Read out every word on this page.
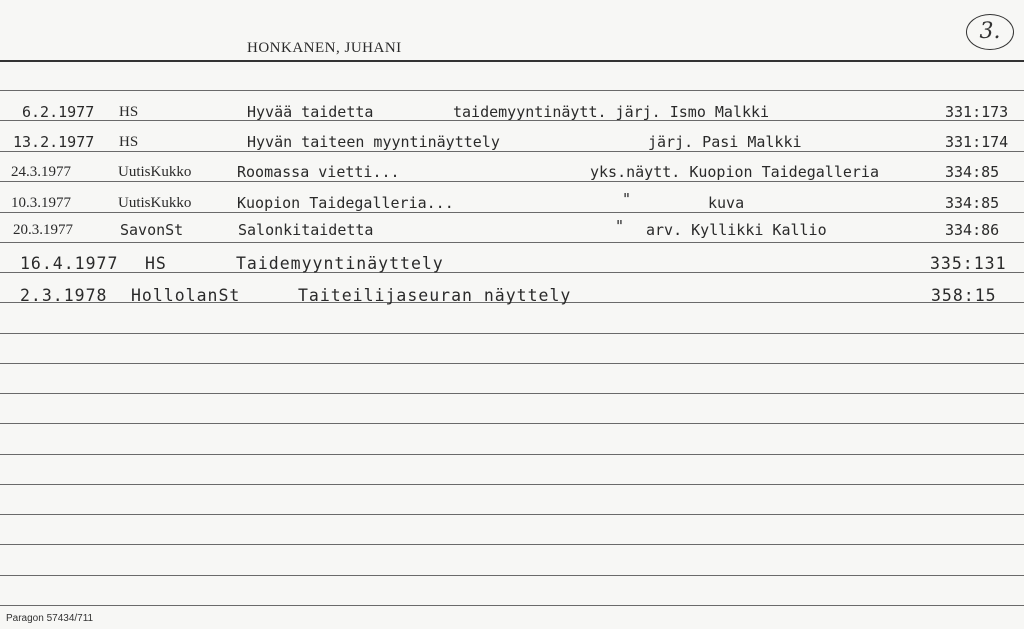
HONKANEN, JUHANI
3.
6.2.1977 HS	Hyvää taidetta	taidemyyntinäytt. järj. Ismo Malkki	331:173
13.2.1977 HS	Hyvän taiteen myyntinäyttely	järj. Pasi Malkki	331:174
24.3.1977	UutisKukko	Roomassa vietti...	yks.näytt. Kuopion Taidegalleria	334:85
10.3.1977	UutisKukko	Kuopion Taidegalleria...	"	kuva	334:85
20.3.1977	SavonSt	Salonkitaidetta	" arv. Kyllikki Kallio	334:86
16.4.1977 HS	Taidemyyntinäyttely	335:131
2.3.1978 HollolanSt	Taiteilijaseuran näyttely	358:15
Paragon 57434/711
